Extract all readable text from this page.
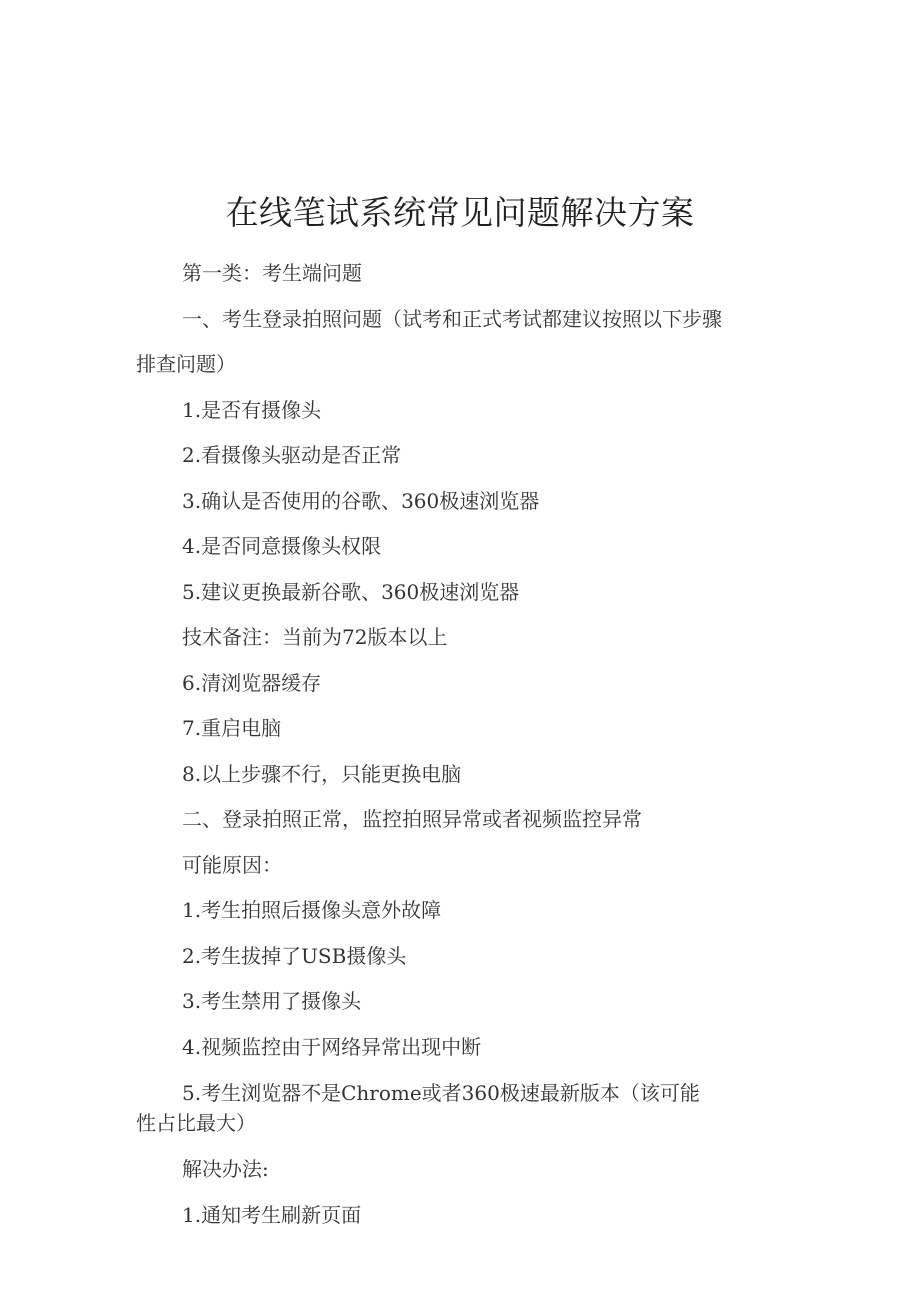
在线笔试系统常见问题解决方案
第一类：考生端问题
一、考生登录拍照问题（试考和正式考试都建议按照以下步骤
排查问题）
1.是否有摄像头
2.看摄像头驱动是否正常
3.确认是否使用的谷歌、360极速浏览器
4.是否同意摄像头权限
5.建议更换最新谷歌、360极速浏览器
技术备注：当前为72版本以上
6.清浏览器缓存
7.重启电脑
8.以上步骤不行，只能更换电脑
二、登录拍照正常，监控拍照异常或者视频监控异常
可能原因：
1.考生拍照后摄像头意外故障
2.考生拔掉了USB摄像头
3.考生禁用了摄像头
4.视频监控由于网络异常出现中断
5.考生浏览器不是Chrome或者360极速最新版本（该可能
性占比最大）
解决办法:
1.通知考生刷新页面
